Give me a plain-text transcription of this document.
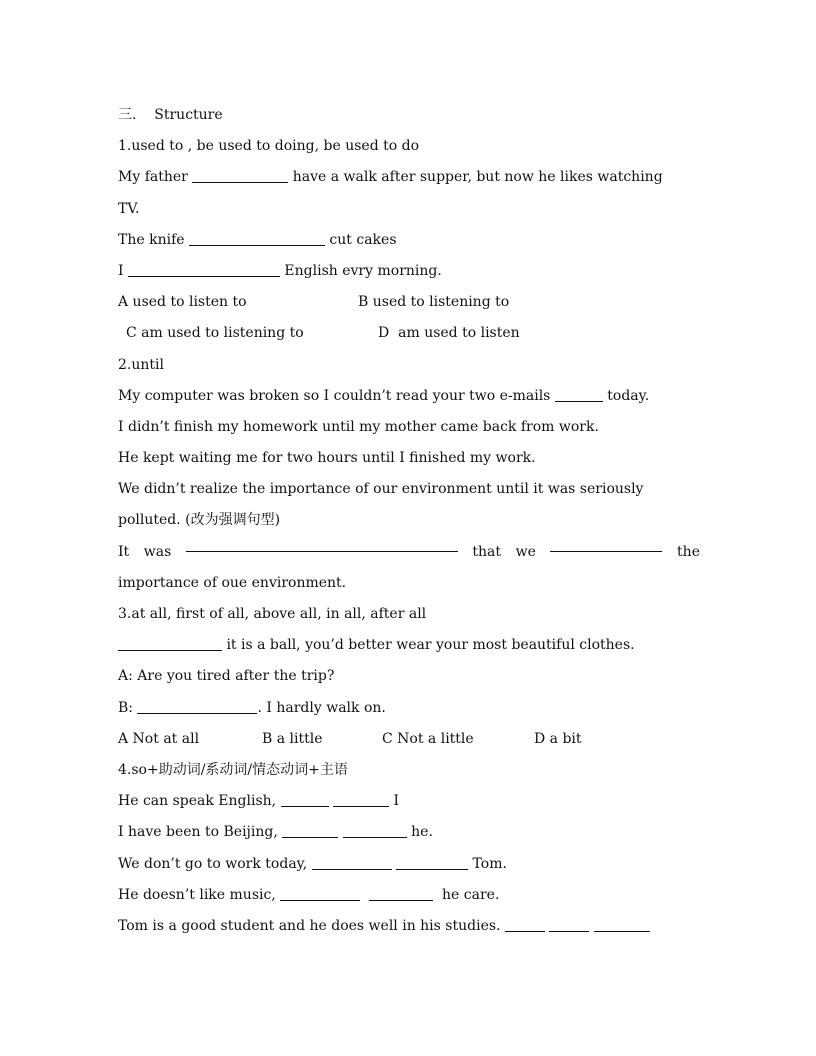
三. Structure
1.used to , be used to doing, be used to do
My father	have a walk after supper, but now he likes watching
TV.
The knife	cut cakes
I	English evry morning.
A used to listen to	B used to listening to
C am used to listening to	D  am used to listen
2.until
My computer was broken so I couldn’t read your two e-mails	today.
I didn’t finish my homework until my mother came back from work.
He kept waiting me for two hours until I finished my work.
We didn’t realize the importance of our environment until it was seriously
polluted. (改为强调句型)
It was	that we	the
importance of oue environment.
3.at all, first of all, above all, in all, after all
it is a ball, you’d better wear your most beautiful clothes.
A: Are you tired after the trip?
B:	. I hardly walk on.
A Not at all	B a little	C Not a little	D a bit
4.so+助动词/系动词/情态动词+主语
He can speak English,	I
I have been to Beijing,	he.
We don’t go to work today,	Tom.
He doesn’t like music,	he care.
Tom is a good student and he does well in his studies.
